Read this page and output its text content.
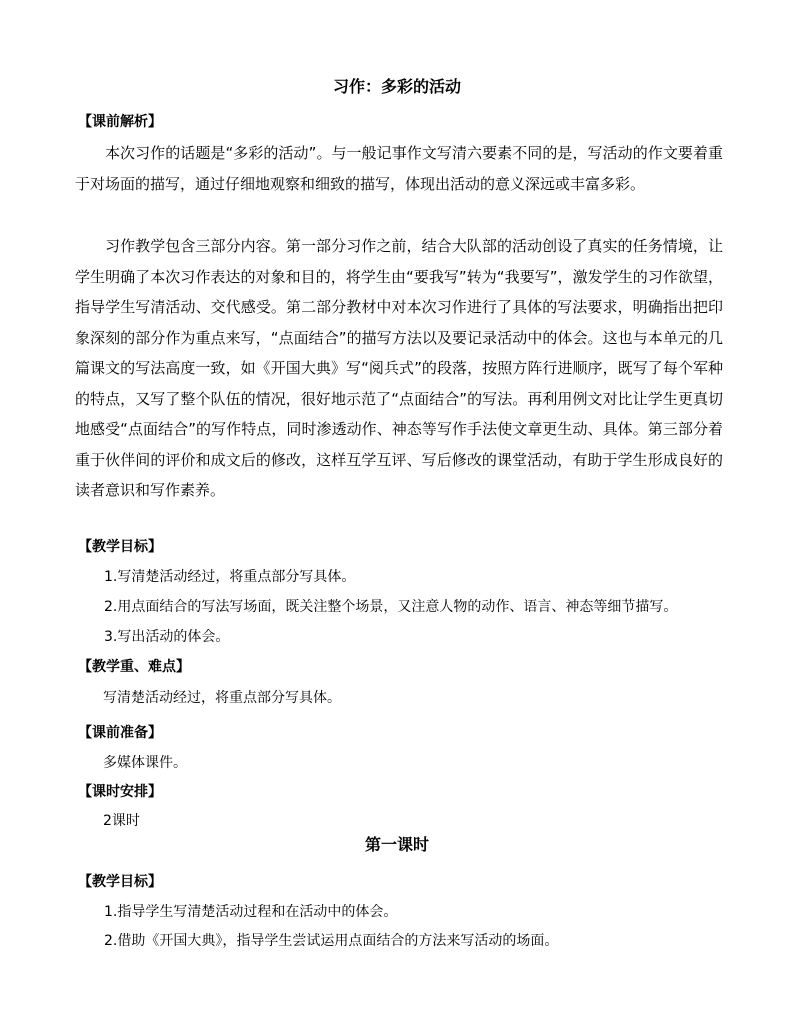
习作：多彩的活动
【课前解析】

本次习作的话题是“多彩的活动”。与一般记事作文写清六要素不同的是，写活动的作文要着重于对场面的描写，通过仔细地观察和细致的描写，体现出活动的意义深远或丰富多彩。

习作教学包含三部分内容。第一部分习作之前，结合大队部的活动创设了真实的任务情境，让学生明确了本次习作表达的对象和目的，将学生由“要我写”转为“我要写”，激发学生的习作欲望，指导学生写清活动、交代感受。第二部分教材中对本次习作进行了具体的写法要求，明确指出把印象深刻的部分作为重点来写，“点面结合”的描写方法以及要记录活动中的体会。这也与本单元的几篇课文的写法高度一致，如《开国大典》写“阅兵式”的段落，按照方阵行进顺序，既写了每个军种的特点，又写了整个队伍的情况，很好地示范了“点面结合”的写法。再利用例文对比让学生更真切地感受“点面结合”的写作特点，同时渗透动作、神态等写作手法使文章更生动、具体。第三部分着重于伙伴间的评价和成文后的修改，这样互学互评、写后修改的课堂活动，有助于学生形成良好的读者意识和写作素养。

【教学目标】
1.写清楚活动经过，将重点部分写具体。
2.用点面结合的写法写场面，既关注整个场景，又注意人物的动作、语言、神态等细节描写。
3.写出活动的体会。
【教学重、难点】
写清楚活动经过，将重点部分写具体。
【课前准备】
多媒体课件。
【课时安排】
2课时
第一课时
【教学目标】
1.指导学生写清楚活动过程和在活动中的体会。
2.借助《开国大典》，指导学生尝试运用点面结合的方法来写活动的场面。
